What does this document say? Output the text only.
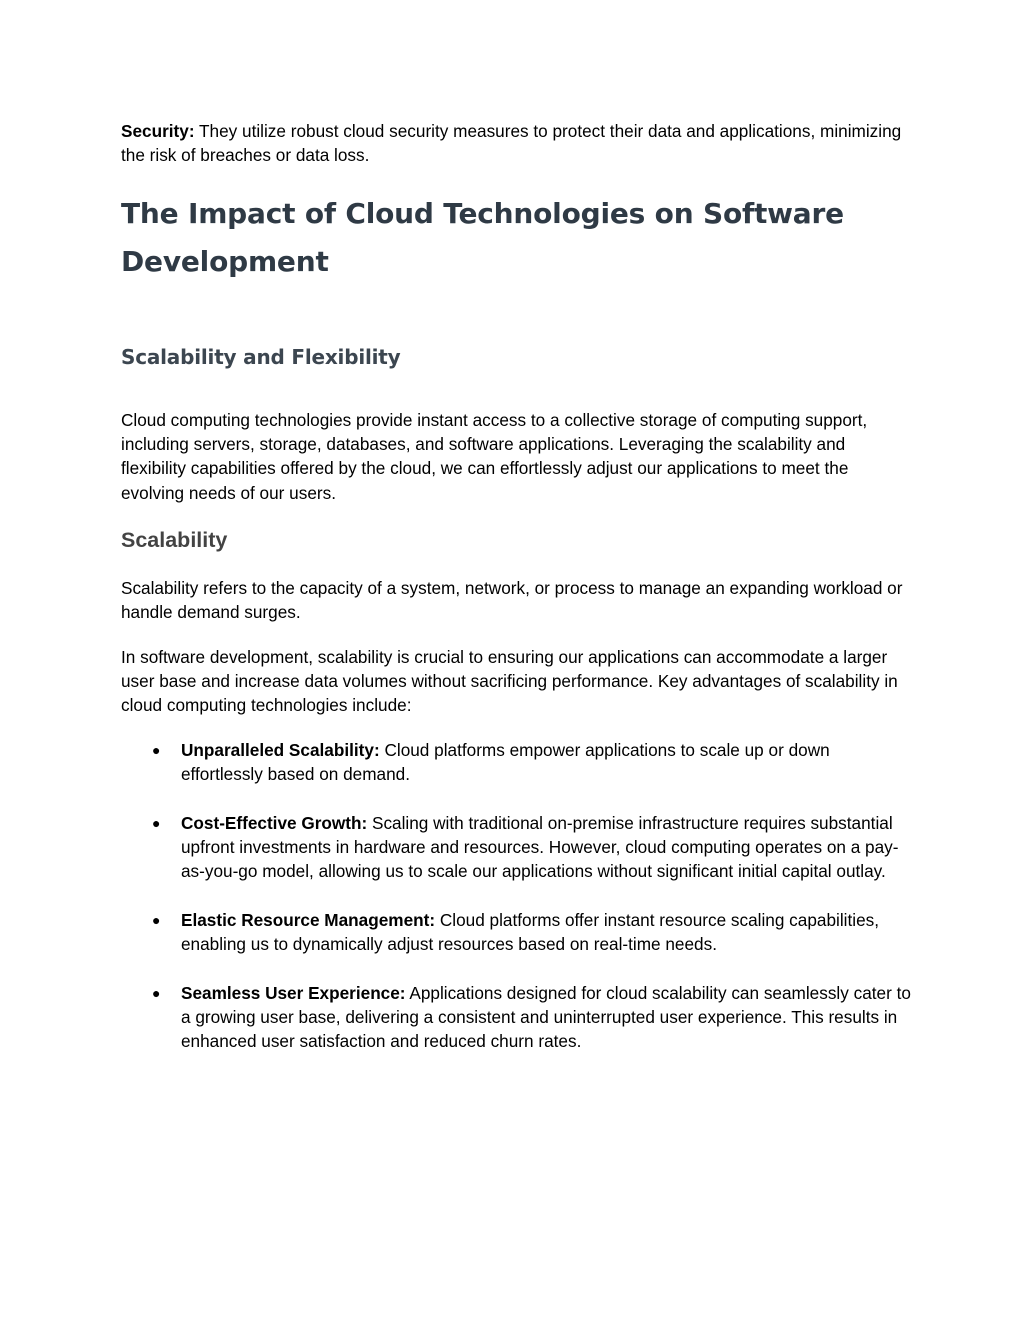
Security: They utilize robust cloud security measures to protect their data and applications, minimizing the risk of breaches or data loss.

The Impact of Cloud Technologies on Software Development
Scalability and Flexibility

Cloud computing technologies provide instant access to a collective storage of computing support, including servers, storage, databases, and software applications. Leveraging the scalability and flexibility capabilities offered by the cloud, we can effortlessly adjust our applications to meet the evolving needs of our users.

Scalability

Scalability refers to the capacity of a system, network, or process to manage an expanding workload or handle demand surges.

In software development, scalability is crucial to ensuring our applications can accommodate a larger user base and increase data volumes without sacrificing performance. Key advantages of scalability in cloud computing technologies include:

● Unparalleled Scalability: Cloud platforms empower applications to scale up or down effortlessly based on demand.
● Cost-Effective Growth: Scaling with traditional on-premise infrastructure requires substantial upfront investments in hardware and resources. However, cloud computing operates on a pay-as-you-go model, allowing us to scale our applications without significant initial capital outlay.
● Elastic Resource Management: Cloud platforms offer instant resource scaling capabilities, enabling us to dynamically adjust resources based on real-time needs.
● Seamless User Experience: Applications designed for cloud scalability can seamlessly cater to a growing user base, delivering a consistent and uninterrupted user experience. This results in enhanced user satisfaction and reduced churn rates.
